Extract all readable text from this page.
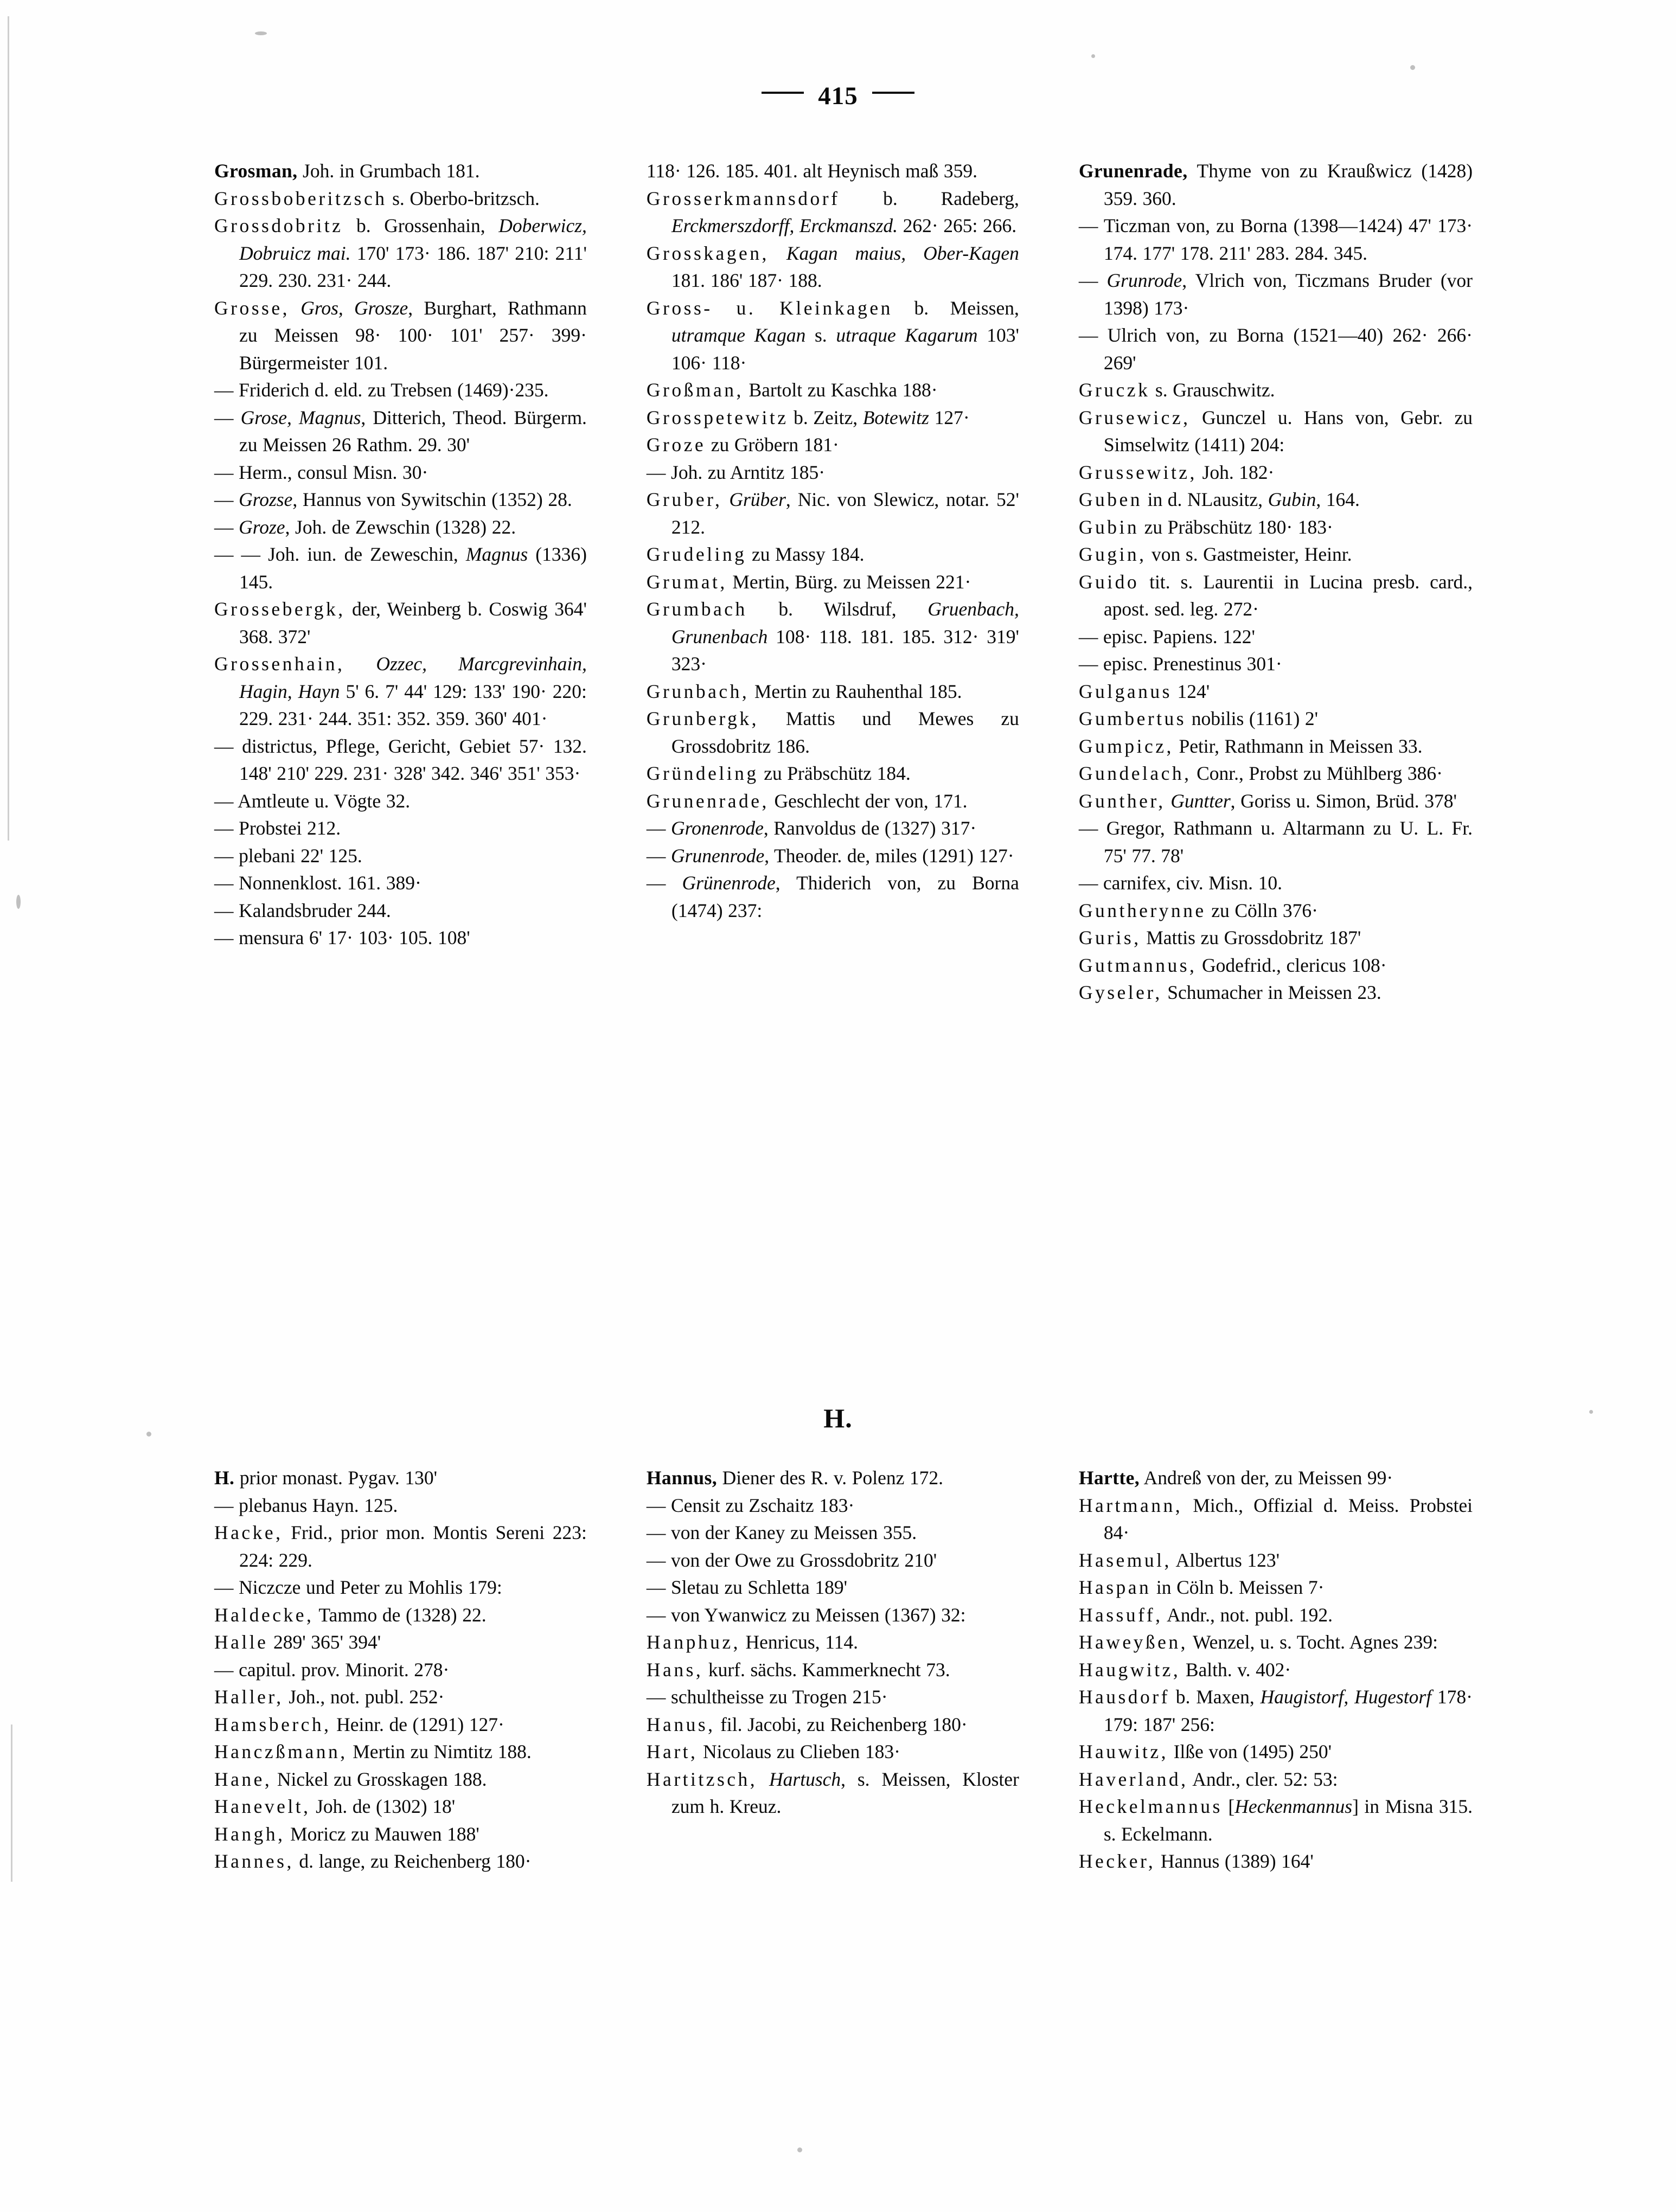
415

Grosman, Joh. in Grumbach 181.

Grossboberitzsch s. Oberbo-britzsch.

Grossdobritz b. Grossenhain, Doberwicz, Dobruicz mai. 170' 173· 186. 187' 210: 211' 229. 230. 231· 244.

Grosse, Gros, Grosze, Burghart, Rathmann zu Meissen 98· 100· 101' 257· 399· Bürgermeister 101.

— Friderich d. eld. zu Trebsen (1469)·235.

— Grose, Magnus, Ditterich, Theod. Bürgerm. zu Meissen 26 Rathm. 29. 30'

— Herm., consul Misn. 30·

— Grozse, Hannus von Sywitschin (1352) 28.

— Groze, Joh. de Zewschin (1328) 22.

— — Joh. iun. de Zeweschin, Magnus (1336) 145.

Grossebergk, der, Weinberg b. Coswig 364' 368. 372'

Grossenhain, Ozzec, Marcgrevinhain, Hagin, Hayn 5' 6. 7' 44' 129: 133' 190· 220: 229. 231· 244. 351: 352. 359. 360' 401·

— districtus, Pflege, Gericht, Gebiet 57· 132. 148' 210' 229. 231· 328' 342. 346' 351' 353·

— Amtleute u. Vögte 32.

— Probstei 212.

— plebani 22' 125.

— Nonnenklost. 161. 389·

— Kalandsbruder 244.

— mensura 6' 17· 103· 105. 108'

118· 126. 185. 401. alt Heynisch maß 359.

Grosserkmannsdorf b. Radeberg, Erckmerszdorff, Erckmanszd. 262· 265: 266.

Grosskagen, Kagan maius, Ober-Kagen 181. 186' 187· 188.

Gross- u. Kleinkagen b. Meissen, utramque Kagan s. utraque Kagarum 103' 106· 118·

Großman, Bartolt zu Kaschka 188·

Grosspetewitz b. Zeitz, Botewitz 127·

Groze zu Gröbern 181·

— Joh. zu Arntitz 185·

Gruber, Grüber, Nic. von Slewicz, notar. 52' 212.

Grudeling zu Massy 184.

Grumat, Mertin, Bürg. zu Meissen 221·

Grumbach b. Wilsdruf, Gruenbach, Grunenbach 108· 118. 181. 185. 312· 319' 323·

Grunbach, Mertin zu Rauhenthal 185.

Grunbergk, Mattis und Mewes zu Grossdobritz 186.

Gründeling zu Präbschütz 184.

Grunenrade, Geschlecht der von, 171.

— Gronenrode, Ranvoldus de (1327) 317·

— Grunenrode, Theoder. de, miles (1291) 127·

— Grünenrode, Thiderich von, zu Borna (1474) 237:

Grunenrade, Thyme von zu Kraußwicz (1428) 359. 360.

— Ticzman von, zu Borna (1398—1424) 47' 173· 174. 177' 178. 211' 283. 284. 345.

— Grunrode, Vlrich von, Ticzmans Bruder (vor 1398) 173·

— Ulrich von, zu Borna (1521—40) 262· 266· 269'

Gruczk s. Grauschwitz.

Grusewicz, Gunczel u. Hans von, Gebr. zu Simselwitz (1411) 204:

Grussewitz, Joh. 182·

Guben in d. NLausitz, Gubin, 164.

Gubin zu Präbschütz 180· 183·

Gugin, von s. Gastmeister, Heinr.

Guido tit. s. Laurentii in Lucina presb. card., apost. sed. leg. 272·

— episc. Papiens. 122'

— episc. Prenestinus 301·

Gulganus 124'

Gumbertus nobilis (1161) 2'

Gumpicz, Petir, Rathmann in Meissen 33.

Gundelach, Conr., Probst zu Mühlberg 386·

Gunther, Guntter, Goriss u. Simon, Brüd. 378'

— Gregor, Rathmann u. Altarmann zu U. L. Fr. 75' 77. 78'

— carnifex, civ. Misn. 10.

Guntherynne zu Cölln 376·

Guris, Mattis zu Grossdobritz 187'

Gutmannus, Godefrid., clericus 108·

Gyseler, Schumacher in Meissen 23.

H.

H. prior monast. Pygav. 130'

— plebanus Hayn. 125.

Hacke, Frid., prior mon. Montis Sereni 223: 224: 229.

— Niczcze und Peter zu Mohlis 179:

Haldecke, Tammo de (1328) 22.

Halle 289' 365' 394'

— capitul. prov. Minorit. 278·

Haller, Joh., not. publ. 252·

Hamsberch, Heinr. de (1291) 127·

Hanczßmann, Mertin zu Nimtitz 188.

Hane, Nickel zu Grosskagen 188.

Hanevelt, Joh. de (1302) 18'

Hangh, Moricz zu Mauwen 188'

Hannes, d. lange, zu Reichenberg 180·

Hannus, Diener des R. v. Polenz 172.

— Censit zu Zschaitz 183·

— von der Kaney zu Meissen 355.

— von der Owe zu Grossdobritz 210'

— Sletau zu Schletta 189'

— von Ywanwicz zu Meissen (1367) 32:

Hanphuz, Henricus, 114.

Hans, kurf. sächs. Kammerknecht 73.

— schultheisse zu Trogen 215·

Hanus, fil. Jacobi, zu Reichenberg 180·

Hart, Nicolaus zu Clieben 183·

Hartitzsch, Hartusch, s. Meissen, Kloster zum h. Kreuz.

Hartte, Andreß von der, zu Meissen 99·

Hartmann, Mich., Offizial d. Meiss. Probstei 84·

Hasemul, Albertus 123'

Haspan in Cöln b. Meissen 7·

Hassuff, Andr., not. publ. 192.

Haweyßen, Wenzel, u. s. Tocht. Agnes 239:

Haugwitz, Balth. v. 402·

Hausdorf b. Maxen, Haugistorf, Hugestorf 178· 179: 187' 256:

Hauwitz, Ilße von (1495) 250'

Haverland, Andr., cler. 52: 53:

Heckelmannus [Heckenmannus] in Misna 315. s. Eckelmann.

Hecker, Hannus (1389) 164'
